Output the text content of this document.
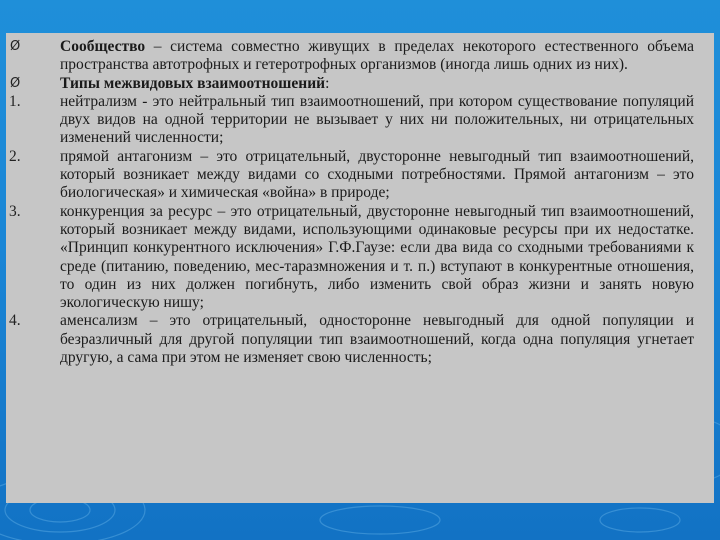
Ø	Сообщество – система совместно живущих в пределах некоторого естественного объема пространства автотрофных и гетеротрофных организмов (иногда лишь одних из них).
Ø	Типы межвидовых взаимоотношений:
1.	нейтрализм - это нейтральный тип взаимоотношений, при котором существование популяций двух видов на одной территории не вызывает у них ни положительных, ни отрицательных изменений численности;
2.	прямой антагонизм – это отрицательный, двусторонне невыгодный тип взаимоотношений, который возникает между видами со сходными потребностями. Прямой антагонизм – это биологическая» и химическая «война» в природе;
3.	конкуренция за ресурс – это отрицательный, двусторонне невыгодный тип взаимоотношений, который возникает между видами, использующими одинаковые ресурсы при их недостатке. «Принцип конкурентного исключения» Г.Ф.Гаузе: если два вида со сходными требованиями к среде (питанию, поведению, мес-таразмножения и т. п.) вступают в конкурентные отношения, то один из них должен погибнуть, либо изменить свой образ жизни и занять новую экологическую нишу;
4.	аменсализм – это отрицательный, односторонне невыгодный для одной популяции и безразличный для другой популяции тип взаимоотношений, когда одна популяция угнетает другую, а сама при этом не изменяет свою численность;
